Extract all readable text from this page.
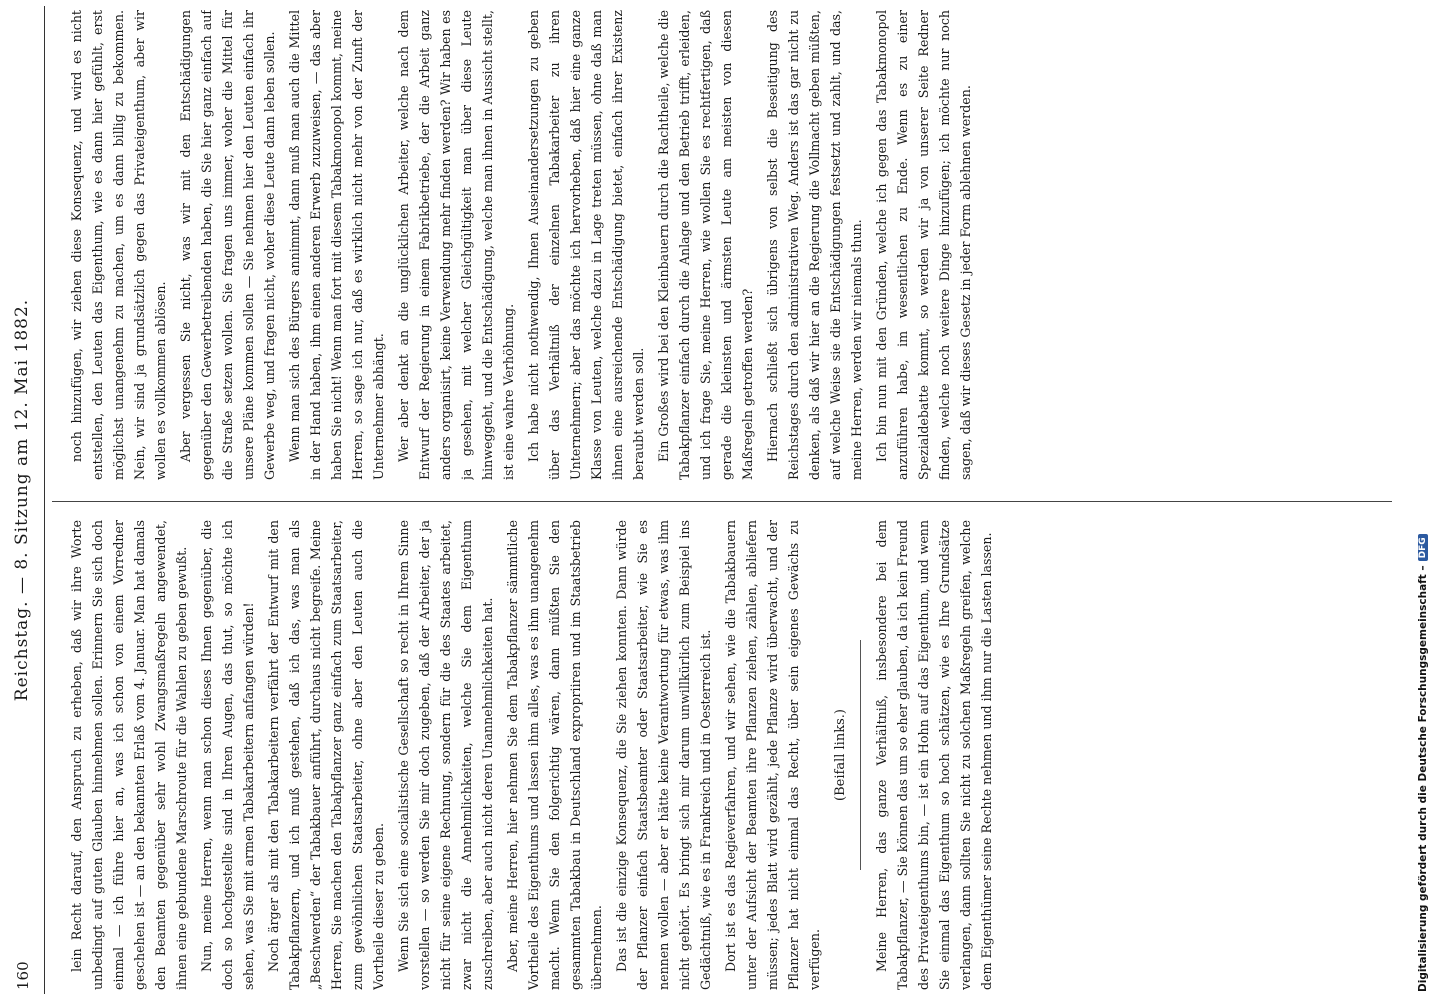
160
Reichstag. — 8. Sitzung am 12. Mai 1882.

lein Recht darauf, den Anspruch zu erheben, daß wir ihre Worte unbedingt auf guten Glauben hinnehmen sollen. Erinnern Sie sich doch einmal — ich führe hier an, was ich schon von einem Vorredner geschehen ist — an den bekannten Erlaß vom 4. Januar. Man hat damals den Beamten gegenüber sehr wohl Zwangsmaßregeln angewendet, ihnen eine gebundene Marschroute für die Wahlen zu geben gewußt. Nun, meine Herren, wenn man schon dieses Ihnen gegenüber, die doch so hochgestellte sind in Ihren Augen, das thut, so möchte ich sehen, was Sie mit armen Tabakarbeitern anfangen würden! Noch ärger als mit den Tabakarbeitern verfährt der Entwurf mit den Tabakpflanzern, und ich muß gestehen, daß ich das, was man als „Beschwerden“ der Tabakbauer anführt, durchaus nicht begreife. Meine Herren, Sie machen den Tabakpflanzer ganz einfach zum Staatsarbeiter, zum gewöhnlichen Staatsarbeiter, ohne aber den Leuten auch die Vortheile dieser zu geben. Wenn Sie sich eine socialistische Gesellschaft so recht in Ihrem Sinne vorstellen — so werden Sie mir doch zugeben, daß der Arbeiter, der ja nicht für seine eigene Rechnung, sondern für die des Staates arbeitet, zwar nicht die Annehmlichkeiten, welche Sie dem Eigenthum zuschreiben, aber auch nicht deren Unannehmlichkeiten hat. Aber, meine Herren, hier nehmen Sie dem Tabakpflanzer sämmtliche Vortheile des Eigenthums und lassen ihm alles, was es ihm unangenehm macht. Wenn Sie den folgerichtig wären, dann müßten Sie den gesammten Tabakbau in Deutschland expropriiren und im Staatsbetrieb übernehmen. Das ist die einzige Konsequenz, die Sie ziehen konnten. Dann würde der Pflanzer einfach Staatsbeamter oder Staatsarbeiter, wie Sie es nennen wollen — aber er hätte keine Verantwortung für etwas, was ihm nicht gehört. Es bringt sich mir darum unwillkürlich zum Beispiel ins Gedächtniß, wie es in Frankreich und in Oesterreich ist. Dort ist es das Regieverfahren, und wir sehen, wie die Tabakbauern unter der Aufsicht der Beamten ihre Pflanzen ziehen, zählen, abliefern müssen; jedes Blatt wird gezählt, jede Pflanze wird überwacht, und der Pflanzer hat nicht einmal das Recht, über sein eigenes Gewächs zu verfügen.

(Beifall links.) Meine Herren, das ganze Verhältniß, insbesondere bei dem Tabakpflanzer, — Sie können das um so eher glauben, da ich kein Freund des Privateigenthums bin, — ist ein Hohn auf das Eigenthum, und wenn Sie einmal das Eigenthum so hoch schätzen, wie es Ihre Grundsätze verlangen, dann sollten Sie nicht zu solchen Maßregeln greifen, welche dem Eigenthümer seine Rechte nehmen und ihm nur die Lasten lassen.

noch hinzufügen, wir ziehen diese Konsequenz, und wird es nicht entstellen, den Leuten das Eigenthum, wie es dann hier gefühlt, erst möglichst unangenehm zu machen, um es dann billig zu bekommen. Nein, wir sind ja grundsätzlich gegen das Privateigenthum, aber wir wollen es vollkommen ablösen. Aber vergessen Sie nicht, was wir mit den Entschädigungen gegenüber den Gewerbetreibenden haben, die Sie hier ganz einfach auf die Straße setzen wollen. Sie fragen uns immer, woher die Mittel für unsere Pläne kommen sollen — Sie nehmen hier den Leuten einfach ihr Gewerbe weg, und fragen nicht, woher diese Leute dann leben sollen. Wenn man sich des Bürgers annimmt, dann muß man auch die Mittel in der Hand haben, ihm einen anderen Erwerb zuzuweisen, — das aber haben Sie nicht! Wenn man fort mit diesem Tabakmonopol kommt, meine Herren, so sage ich nur, daß es wirklich nicht mehr von der Zunft der Unternehmer abhängt. Wer aber denkt an die unglücklichen Arbeiter, welche nach dem Entwurf der Regierung in einem Fabrikbetriebe, der die Arbeit ganz anders organisirt, keine Verwendung mehr finden werden? Wir haben es ja gesehen, mit welcher Gleichgültigkeit man über diese Leute hinweggeht, und die Entschädigung, welche man ihnen in Aussicht stellt, ist eine wahre Verhöhnung. Ich habe nicht nothwendig, Ihnen Auseinandersetzungen zu geben über das Verhältniß der einzelnen Tabakarbeiter zu ihren Unternehmern; aber das möchte ich hervorheben, daß hier eine ganze Klasse von Leuten, welche dazu in Lage treten müssen, ohne daß man ihnen eine ausreichende Entschädigung bietet, einfach ihrer Existenz beraubt werden soll. Ein Großes wird bei den Kleinbauern durch die Rachtheile, welche die Tabakpflanzer einfach durch die Anlage und den Betrieb trifft, erleiden, und ich frage Sie, meine Herren, wie wollen Sie es rechtfertigen, daß gerade die kleinsten und ärmsten Leute am meisten von diesen Maßregeln getroffen werden? Hiernach schließt sich übrigens von selbst die Beseitigung des Reichstages durch den administrativen Weg. Anders ist das gar nicht zu denken, als daß wir hier an die Regierung die Vollmacht geben müßten, auf welche Weise sie die Entschädigungen festsetzt und zahlt, und das, meine Herren, werden wir niemals thun. Ich bin nun mit den Gründen, welche ich gegen das Tabakmonopol anzuführen habe, im wesentlichen zu Ende. Wenn es zu einer Spezialdebatte kommt, so werden wir ja von unserer Seite Redner finden, welche noch weitere Dinge hinzufügen; ich möchte nur noch sagen, daß wir dieses Gesetz in jeder Form ablehnen werden.

Digitalisierung gefördert durch die Deutsche Forschungsgemeinschaft –
DFG
